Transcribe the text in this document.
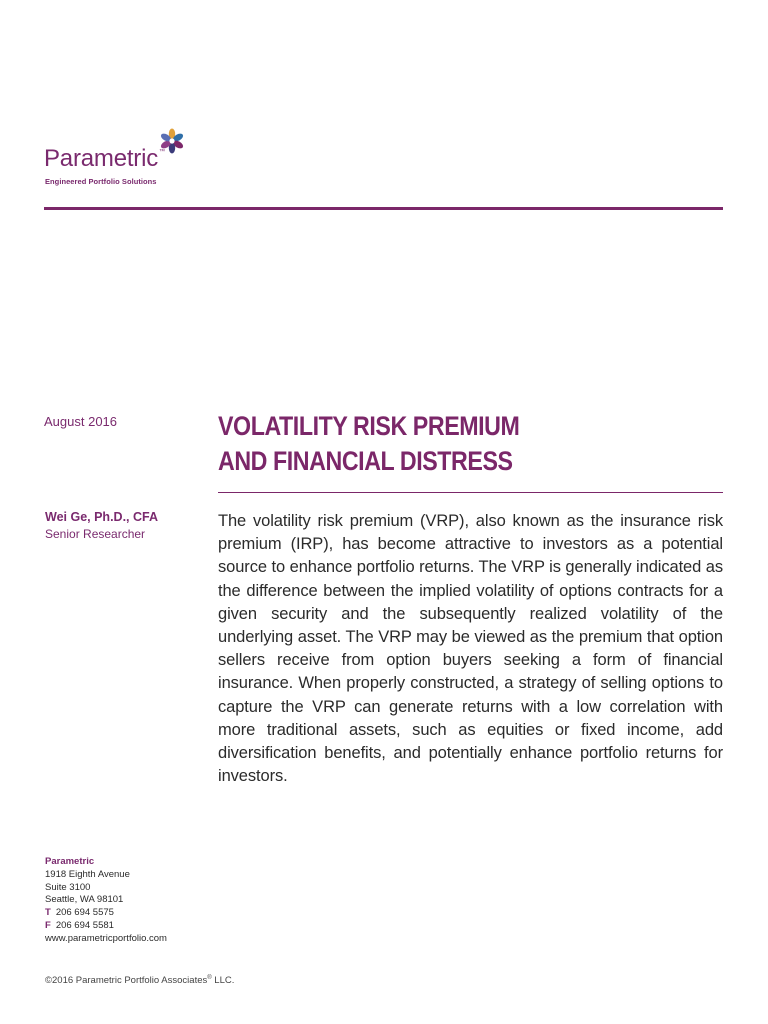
Parametric™
Engineered Portfolio Solutions
August 2016	VOLATILITY RISK PREMIUM
AND FINANCIAL DISTRESS
Wei Ge, Ph.D., CFA
Senior Researcher
The volatility risk premium (VRP), also known as the insurance risk premium (IRP), has become attractive to investors as a potential source to enhance portfolio returns. The VRP is generally indicated as the difference between the implied volatility of options contracts for a given security and the subsequently realized volatility of the underlying asset. The VRP may be viewed as the premium that option sellers receive from option buyers seeking a form of financial insurance. When properly constructed, a strategy of selling options to capture the VRP can generate returns with a low correlation with more traditional assets, such as equities or fixed income, add diversification benefits, and potentially enhance portfolio returns for investors.
Parametric
1918 Eighth Avenue
Suite 3100
Seattle, WA 98101
T 206 694 5575
F 206 694 5581
www.parametricportfolio.com
©2016 Parametric Portfolio Associates® LLC.
